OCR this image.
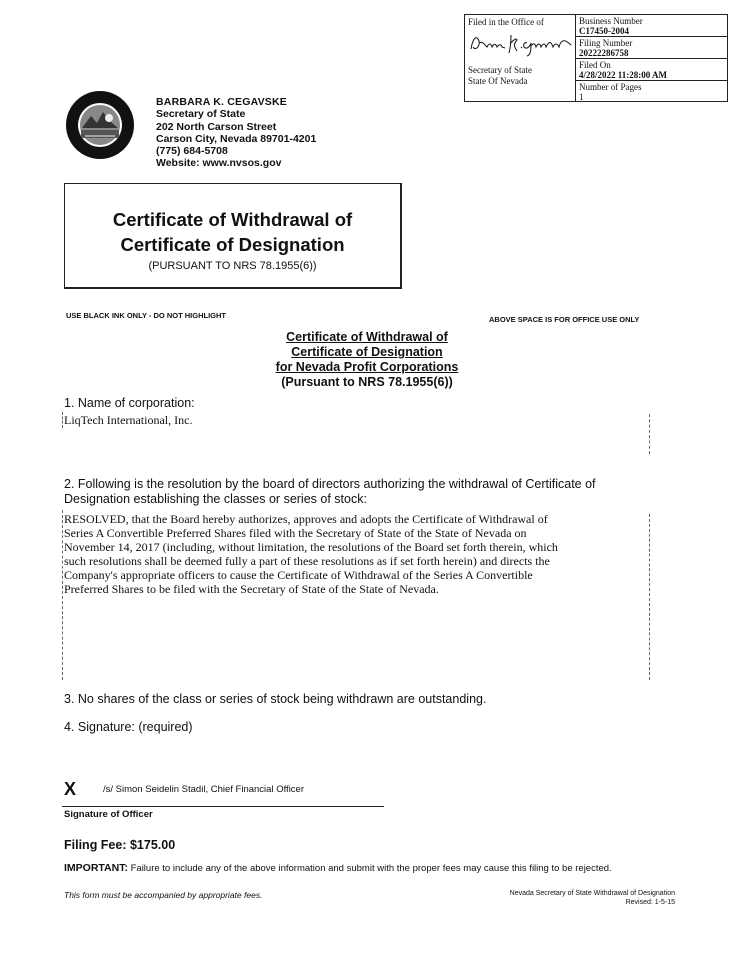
Filed in the Office of
Secretary of State
State Of Nevada
Business Number
C17450-2004
Filing Number
20222286758
Filed On
4/28/2022 11:28:00 AM
Number of Pages
1
BARBARA K. CEGAVSKE
Secretary of State
202 North Carson Street
Carson City, Nevada 89701-4201
(775) 684-5708
Website: www.nvsos.gov
Certificate of Withdrawal of
Certificate of Designation
(PURSUANT TO NRS 78.1955(6))
USE BLACK INK ONLY - DO NOT HIGHLIGHT	ABOVE SPACE IS FOR OFFICE USE ONLY
Certificate of Withdrawal of
Certificate of Designation
for Nevada Profit Corporations
(Pursuant to NRS 78.1955(6))
1. Name of corporation:
LiqTech International, Inc.
2. Following is the resolution by the board of directors authorizing the withdrawal of Certificate of
Designation establishing the classes or series of stock:
RESOLVED, that the Board hereby authorizes, approves and adopts the Certificate of Withdrawal of
Series A Convertible Preferred Shares filed with the Secretary of State of the State of Nevada on
November 14, 2017 (including, without limitation, the resolutions of the Board set forth therein, which
such resolutions shall be deemed fully a part of these resolutions as if set forth herein) and directs the
Company's appropriate officers to cause the Certificate of Withdrawal of the Series A Convertible
Preferred Shares to be filed with the Secretary of State of the State of Nevada.
3. No shares of the class or series of stock being withdrawn are outstanding.
4. Signature: (required)
X	/s/ Simon Seidelin Stadil, Chief Financial Officer
Signature of Officer
Filing Fee: $175.00
IMPORTANT: Failure to include any of the above information and submit with the proper fees may cause this filing to be rejected.
This form must be accompanied by appropriate fees.	Nevada Secretary of State Withdrawal of Designation
Revised: 1-5-15
